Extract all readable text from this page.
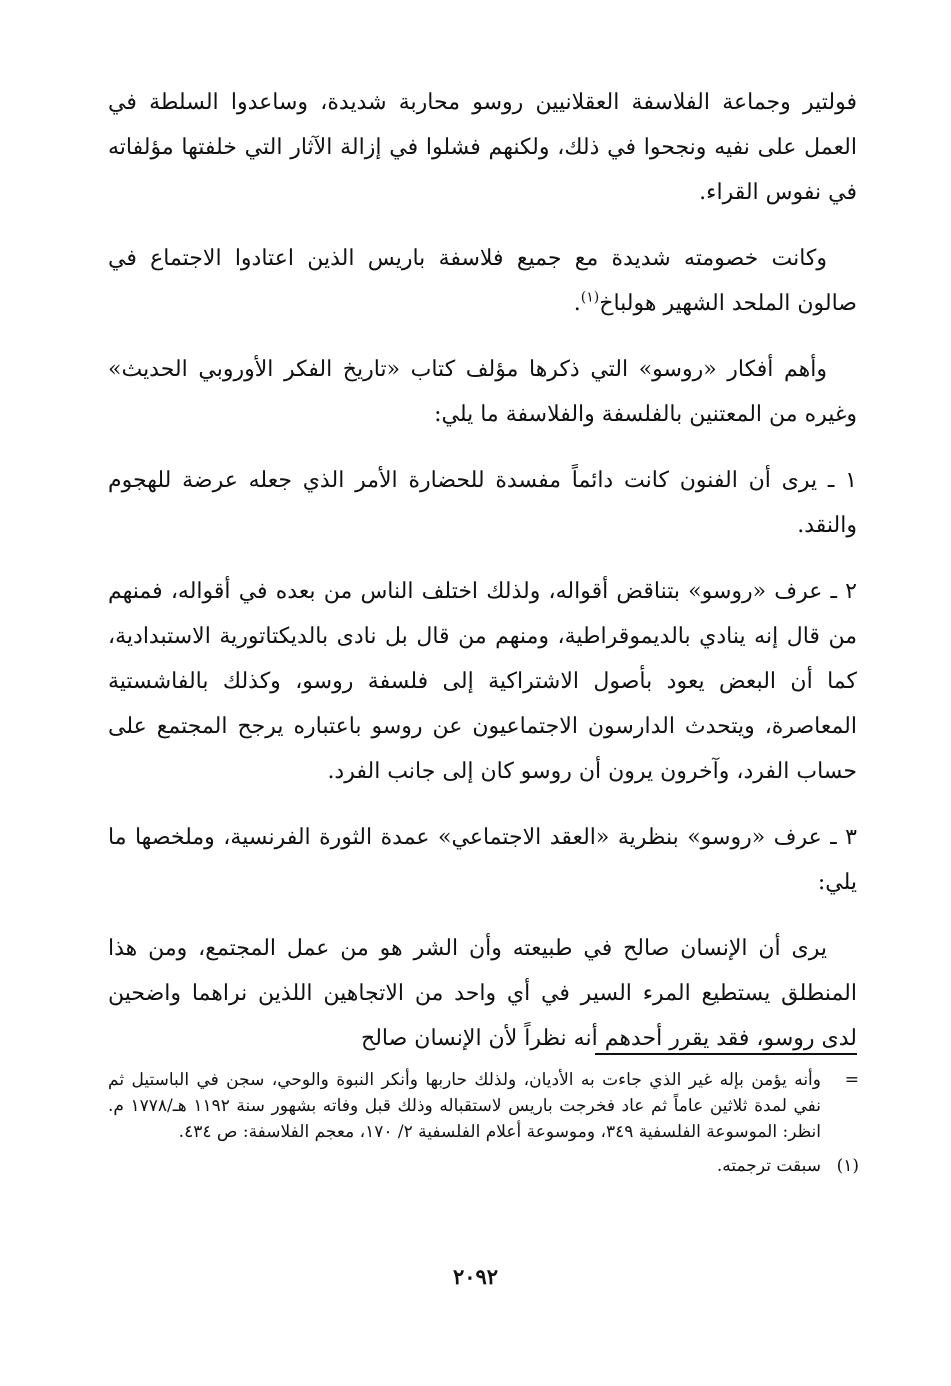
فولتير وجماعة الفلاسفة العقلانيين روسو محاربة شديدة، وساعدوا السلطة في العمل على نفيه ونجحوا في ذلك، ولكنهم فشلوا في إزالة الآثار التي خلفتها مؤلفاته في نفوس القراء.

وكانت خصومته شديدة مع جميع فلاسفة باريس الذين اعتادوا الاجتماع في صالون الملحد الشهير هولباخ$^{(١)}$.

وأهم أفكار «روسو» التي ذكرها مؤلف كتاب «تاريخ الفكر الأوروبي الحديث» وغيره من المعتنين بالفلسفة والفلاسفة ما يلي:

١ ـ يرى أن الفنون كانت دائماً مفسدة للحضارة الأمر الذي جعله عرضة للهجوم والنقد.

٢ ـ عرف «روسو» بتناقض أقواله، ولذلك اختلف الناس من بعده في أقواله، فمنهم من قال إنه ينادي بالديموقراطية، ومنهم من قال بل نادى بالديكتاتورية الاستبدادية، كما أن البعض يعود بأصول الاشتراكية إلى فلسفة روسو، وكذلك بالفاشستية المعاصرة، ويتحدث الدارسون الاجتماعيون عن روسو باعتباره يرجح المجتمع على حساب الفرد، وآخرون يرون أن روسو كان إلى جانب الفرد.

٣ ـ عرف «روسو» بنظرية «العقد الاجتماعي» عمدة الثورة الفرنسية، وملخصها ما يلي:

يرى أن الإنسان صالح في طبيعته وأن الشر هو من عمل المجتمع، ومن هذا المنطلق يستطيع المرء السير في أي واحد من الاتجاهين اللذين نراهما واضحين لدى روسو، فقد يقرر أحدهم أنه نظراً لأن الإنسان صالح

=
وأنه يؤمن بإله غير الذي جاءت به الأديان، ولذلك حاربها وأنكر النبوة والوحي، سجن في الباستيل ثم نفي لمدة ثلاثين عاماً ثم عاد فخرجت باريس لاستقباله وذلك قبل وفاته بشهور سنة ١١٩٢ هـ/١٧٧٨ م. انظر: الموسوعة الفلسفية ٣٤٩، وموسوعة أعلام الفلسفية ٢/ ١٧٠، معجم الفلاسفة: ص ٤٣٤.
(١)
سبقت ترجمته.
٢٠٩٢
